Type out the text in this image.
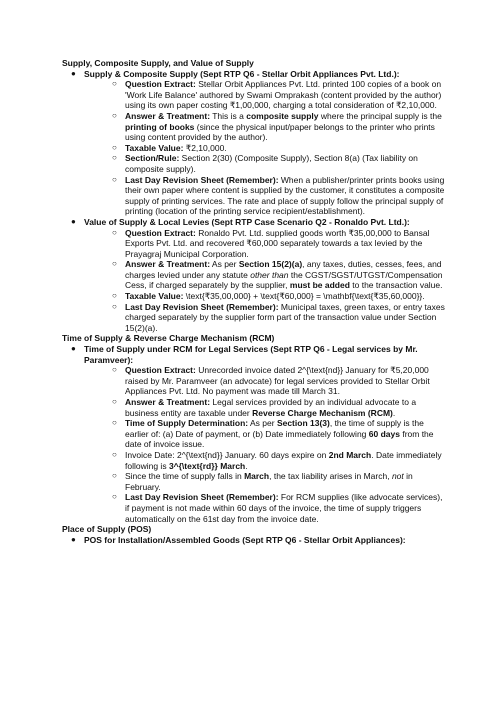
Supply, Composite Supply, and Value of Supply

● Supply & Composite Supply (Sept RTP Q6 - Stellar Orbit Appliances Pvt. Ltd.):
○ Question Extract: Stellar Orbit Appliances Pvt. Ltd. printed 100 copies of a book on 'Work Life Balance' authored by Swami Omprakash (content provided by the author) using its own paper costing ₹1,00,000, charging a total consideration of ₹2,10,000.
○ Answer & Treatment: This is a composite supply where the principal supply is the printing of books (since the physical input/paper belongs to the printer who prints using content provided by the author).
○ Taxable Value: ₹2,10,000.
○ Section/Rule: Section 2(30) (Composite Supply), Section 8(a) (Tax liability on composite supply).
○ Last Day Revision Sheet (Remember): When a publisher/printer prints books using their own paper where content is supplied by the customer, it constitutes a composite supply of printing services. The rate and place of supply follow the principal supply of printing (location of the printing service recipient/establishment).
● Value of Supply & Local Levies (Sept RTP Case Scenario Q2 - Ronaldo Pvt. Ltd.):
○ Question Extract: Ronaldo Pvt. Ltd. supplied goods worth ₹35,00,000 to Bansal Exports Pvt. Ltd. and recovered ₹60,000 separately towards a tax levied by the Prayagraj Municipal Corporation.
○ Answer & Treatment: As per Section 15(2)(a), any taxes, duties, cesses, fees, and charges levied under any statute other than the CGST/SGST/UTGST/Compensation Cess, if charged separately by the supplier, must be added to the transaction value.
○ Taxable Value: \text{₹35,00,000} + \text{₹60,000} = \mathbf{\text{₹35,60,000}}.
○ Last Day Revision Sheet (Remember): Municipal taxes, green taxes, or entry taxes charged separately by the supplier form part of the transaction value under Section 15(2)(a).

Time of Supply & Reverse Charge Mechanism (RCM)

● Time of Supply under RCM for Legal Services (Sept RTP Q6 - Legal services by Mr. Paramveer):
○ Question Extract: Unrecorded invoice dated 2^{\text{nd}} January for ₹5,20,000 raised by Mr. Paramveer (an advocate) for legal services provided to Stellar Orbit Appliances Pvt. Ltd. No payment was made till March 31.
○ Answer & Treatment: Legal services provided by an individual advocate to a business entity are taxable under Reverse Charge Mechanism (RCM).
○ Time of Supply Determination: As per Section 13(3), the time of supply is the earlier of: (a) Date of payment, or (b) Date immediately following 60 days from the date of invoice issue.
○ Invoice Date: 2^{\text{nd}} January. 60 days expire on 2nd March. Date immediately following is 3^{\text{rd}} March.
○ Since the time of supply falls in March, the tax liability arises in March, not in February.
○ Last Day Revision Sheet (Remember): For RCM supplies (like advocate services), if payment is not made within 60 days of the invoice, the time of supply triggers automatically on the 61st day from the invoice date.

Place of Supply (POS)

● POS for Installation/Assembled Goods (Sept RTP Q6 - Stellar Orbit Appliances):
